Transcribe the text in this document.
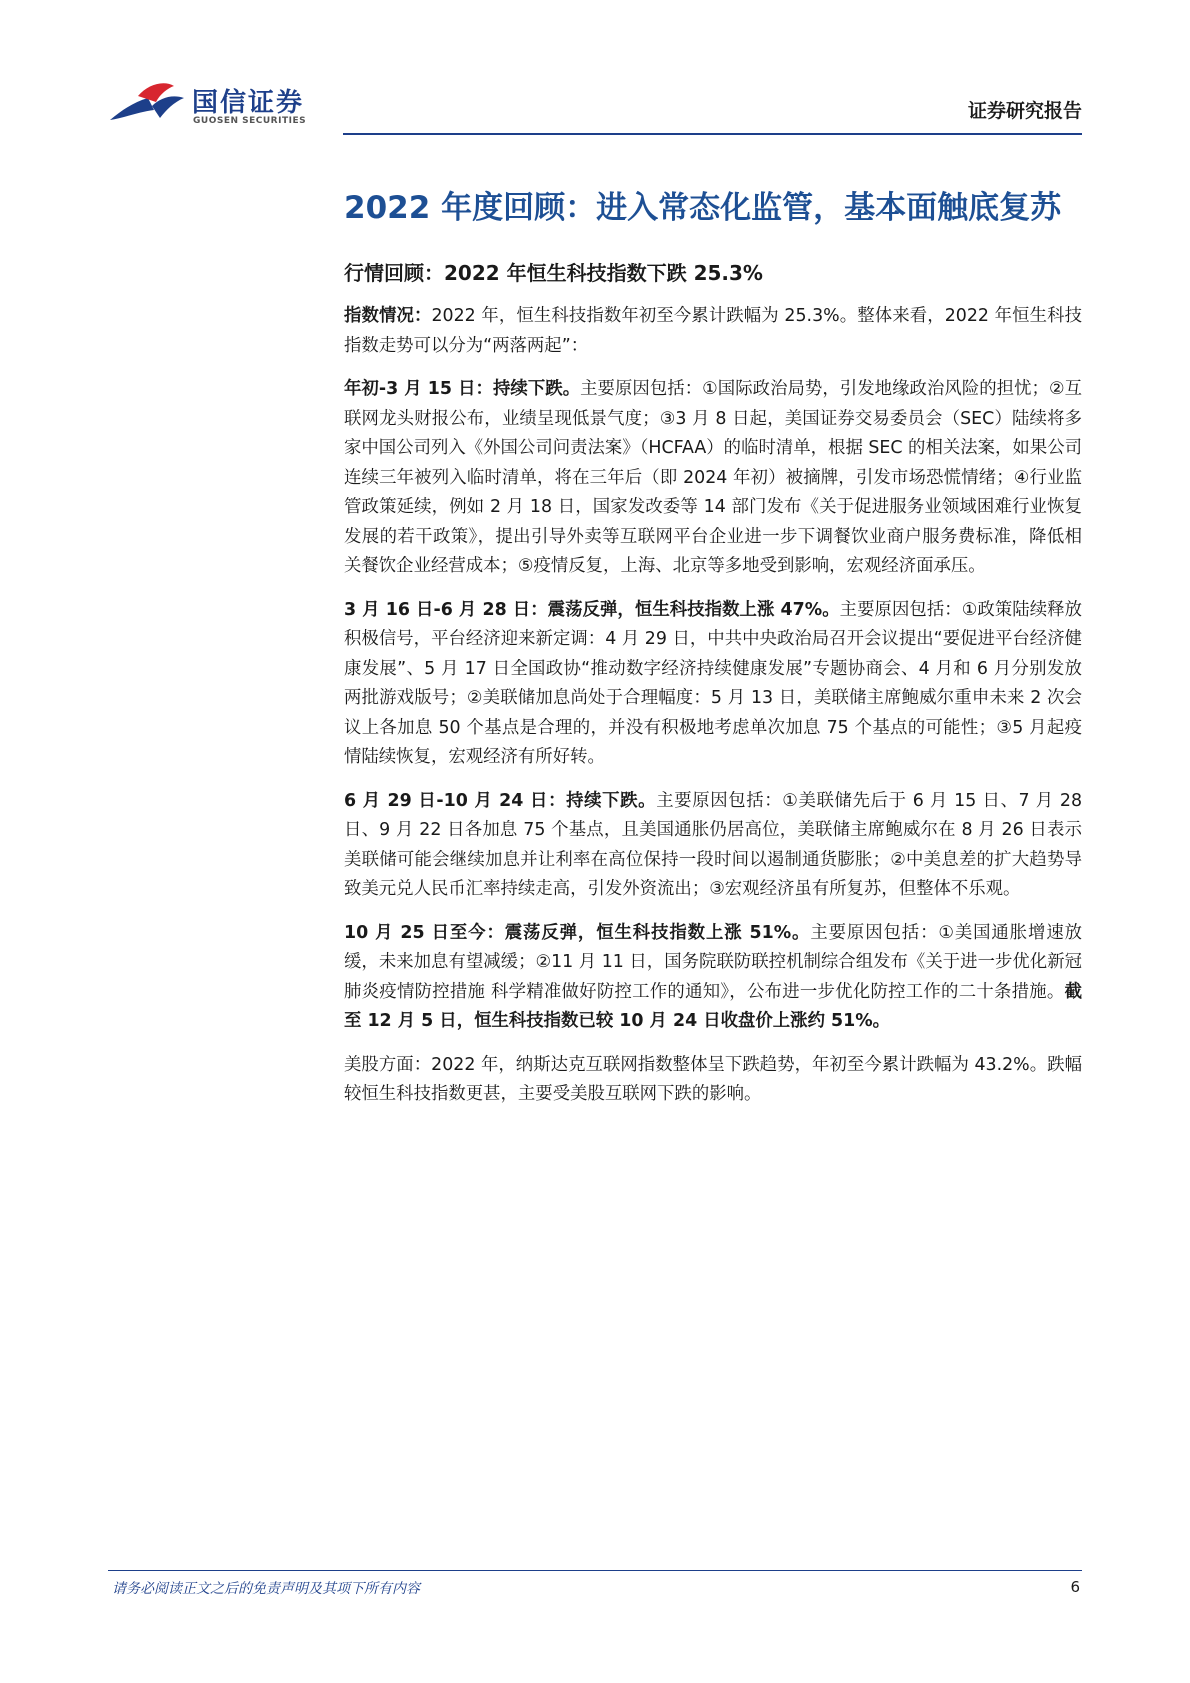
国信证券
GUOSEN SECURITIES	证券研究报告
2022 年度回顾：进入常态化监管，基本面触底复苏
行情回顾：2022 年恒生科技指数下跌 25.3%

指数情况：2022 年，恒生科技指数年初至今累计跌幅为 25.3%。整体来看，2022 年恒生科技指数走势可以分为“两落两起”：

年初-3 月 15 日：持续下跌。主要原因包括：①国际政治局势，引发地缘政治风险的担忧；②互联网龙头财报公布，业绩呈现低景气度；③3 月 8 日起，美国证券交易委员会（SEC）陆续将多家中国公司列入《外国公司问责法案》（HCFAA）的临时清单，根据 SEC 的相关法案，如果公司连续三年被列入临时清单，将在三年后（即 2024 年初）被摘牌，引发市场恐慌情绪；④行业监管政策延续，例如 2 月 18 日，国家发改委等 14 部门发布《关于促进服务业领域困难行业恢复发展的若干政策》，提出引导外卖等互联网平台企业进一步下调餐饮业商户服务费标准，降低相关餐饮企业经营成本；⑤疫情反复，上海、北京等多地受到影响，宏观经济面承压。

3 月 16 日-6 月 28 日：震荡反弹，恒生科技指数上涨 47%。主要原因包括：①政策陆续释放积极信号，平台经济迎来新定调：4 月 29 日，中共中央政治局召开会议提出“要促进平台经济健康发展”、5 月 17 日全国政协“推动数字经济持续健康发展”专题协商会、4 月和 6 月分别发放两批游戏版号；②美联储加息尚处于合理幅度：5 月 13 日，美联储主席鲍威尔重申未来 2 次会议上各加息 50 个基点是合理的，并没有积极地考虑单次加息 75 个基点的可能性；③5 月起疫情陆续恢复，宏观经济有所好转。

6 月 29 日-10 月 24 日：持续下跌。主要原因包括：①美联储先后于 6 月 15 日、7 月 28 日、9 月 22 日各加息 75 个基点，且美国通胀仍居高位，美联储主席鲍威尔在 8 月 26 日表示美联储可能会继续加息并让利率在高位保持一段时间以遏制通货膨胀；②中美息差的扩大趋势导致美元兑人民币汇率持续走高，引发外资流出；③宏观经济虽有所复苏，但整体不乐观。

10 月 25 日至今：震荡反弹，恒生科技指数上涨 51%。主要原因包括：①美国通胀增速放缓，未来加息有望减缓；②11 月 11 日，国务院联防联控机制综合组发布《关于进一步优化新冠肺炎疫情防控措施 科学精准做好防控工作的通知》，公布进一步优化防控工作的二十条措施。截至 12 月 5 日，恒生科技指数已较 10 月 24 日收盘价上涨约 51%。

美股方面：2022 年，纳斯达克互联网指数整体呈下跌趋势，年初至今累计跌幅为 43.2%。跌幅较恒生科技指数更甚，主要受美股互联网下跌的影响。

请务必阅读正文之后的免责声明及其项下所有内容	6
